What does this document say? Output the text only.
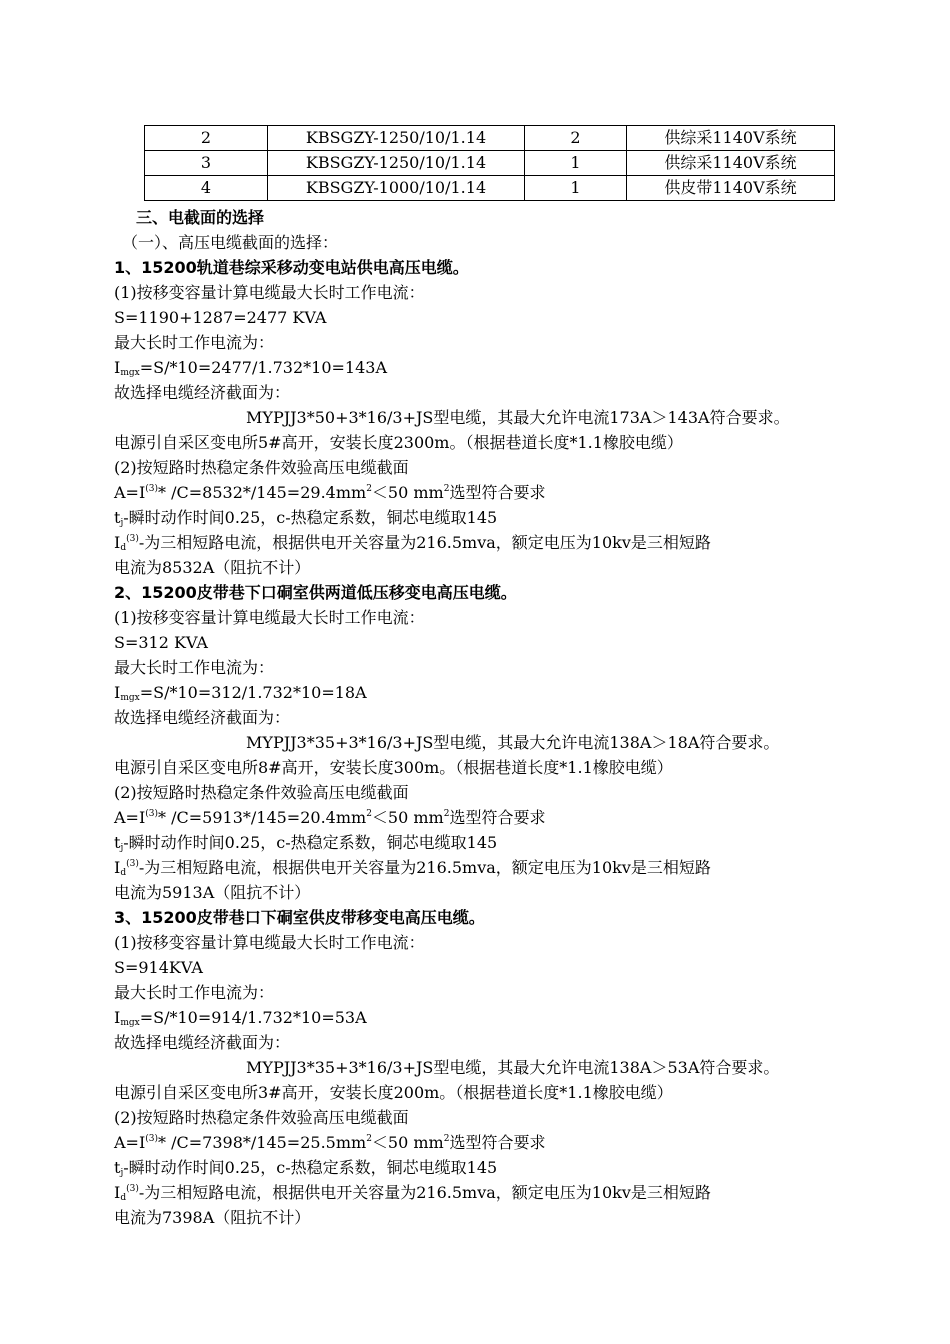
2	KBSGZY-1250/10/1.14	2	供综采1140V系统
3	KBSGZY-1250/10/1.14	1	供综采1140V系统
4	KBSGZY-1000/10/1.14	1	供皮带1140V系统
三、电截面的选择
（一）、高压电缆截面的选择：
1、15200轨道巷综采移动变电站供电高压电缆。
(1)按移变容量计算电缆最大长时工作电流：
S=1190+1287=2477 KVA
最大长时工作电流为：
$I_{mgx}=S/*10=2477/1.732*10=143A$
故选择电缆经济截面为：
MYPJJ3*50+3*16/3+JS型电缆，其最大允许电流173A＞143A符合要求。
电源引自采区变电所5#高开，安装长度2300m。（根据巷道长度*1.1橡胶电缆）
(2)按短路时热稳定条件效验高压电缆截面
$A=I^{(3)}*$ $/C=8532*/145=29.4mm^2<50$ $mm^2$选型符合要求
$t_j-$瞬时动作时间0.25，c-热稳定系数，铜芯电缆取145
$I_d^{(3)}-$为三相短路电流，根据供电开关容量为216.5mva，额定电压为10kv是三相短路
电流为8532A（阻抗不计）
2、15200皮带巷下口硐室供两道低压移变电高压电缆。
(1)按移变容量计算电缆最大长时工作电流：
S=312 KVA
最大长时工作电流为：
$I_{mgx}=S/*10=312/1.732*10=18A$
故选择电缆经济截面为：
MYPJJ3*35+3*16/3+JS型电缆，其最大允许电流138A＞18A符合要求。
电源引自采区变电所8#高开，安装长度300m。（根据巷道长度*1.1橡胶电缆）
(2)按短路时热稳定条件效验高压电缆截面
$A=I^{(3)}*$ $/C=5913*/145=20.4mm^2<50$ $mm^2$选型符合要求
$t_j-$瞬时动作时间0.25，c-热稳定系数，铜芯电缆取145
$I_d^{(3)}-$为三相短路电流，根据供电开关容量为216.5mva，额定电压为10kv是三相短路
电流为5913A（阻抗不计）
3、15200皮带巷口下硐室供皮带移变电高压电缆。
(1)按移变容量计算电缆最大长时工作电流：
S=914KVA
最大长时工作电流为：
$I_{mgx}=S/*10=914/1.732*10=53A$
故选择电缆经济截面为：
MYPJJ3*35+3*16/3+JS型电缆，其最大允许电流138A＞53A符合要求。
电源引自采区变电所3#高开，安装长度200m。（根据巷道长度*1.1橡胶电缆）
(2)按短路时热稳定条件效验高压电缆截面
$A=I^{(3)}*$ $/C=7398*/145=25.5mm^2<50$ $mm^2$选型符合要求
$t_j-$瞬时动作时间0.25，c-热稳定系数，铜芯电缆取145
$I_d^{(3)}-$为三相短路电流，根据供电开关容量为216.5mva，额定电压为10kv是三相短路
电流为7398A（阻抗不计）
